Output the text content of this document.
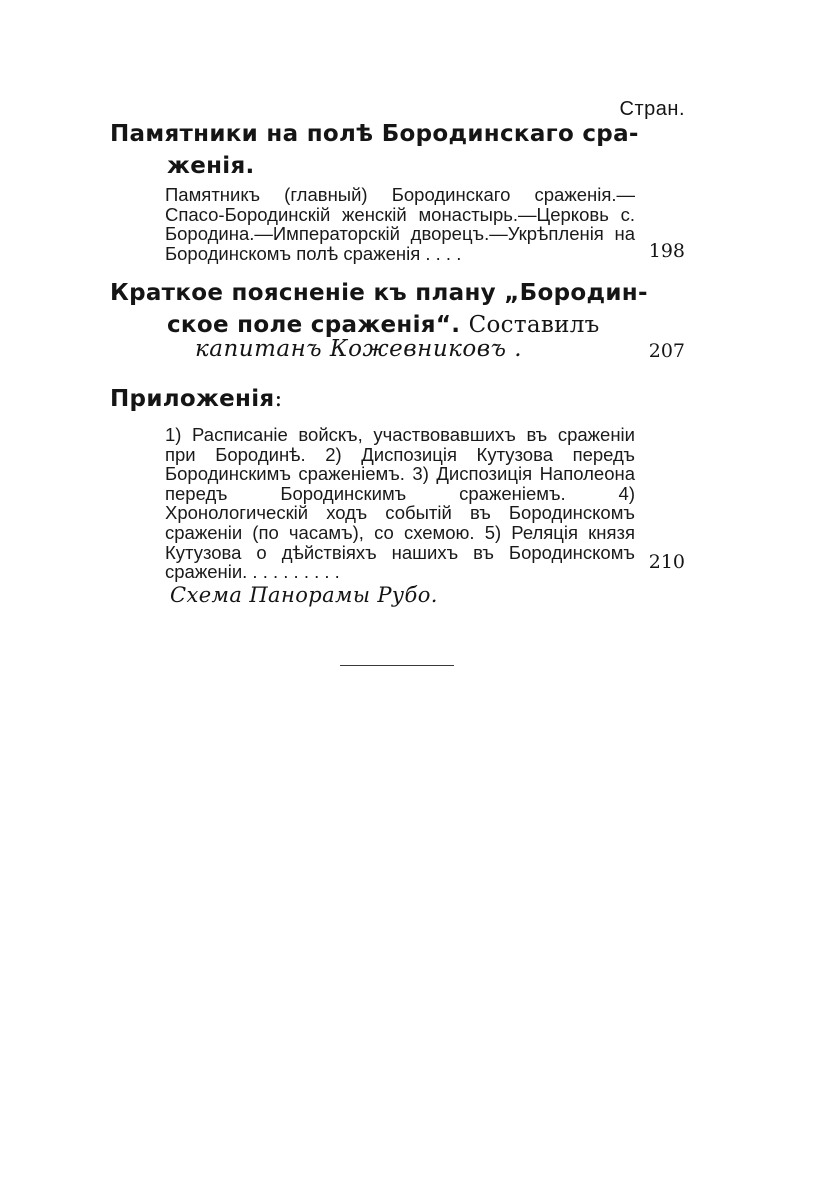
Стран.
Памятники на полѣ Бородинскаго сра-
женія.
Памятникъ (главный) Бородинскаго сраженія.—Спасо-Бородинскій женскій монастырь.—Церковь с. Бородина.—Императорскій дворецъ.—Укрѣпленія на Бородинскомъ полѣ сраженія . . . .	198
Краткое поясненіе къ плану „Бородин-
ское поле сраженія“. Составилъ
капитанъ Кожевниковъ .	207
Приложенія:
1) Расписаніе войскъ, участвовавшихъ въ сраженіи при Бородинѣ. 2) Диспозиція Кутузова передъ Бородинскимъ сраженіемъ. 3) Диспозиція Наполеона передъ Бородинскимъ сраженіемъ. 4) Хронологическій ходъ событій въ Бородинскомъ сраженіи (по часамъ), со схемою. 5) Реляція князя Кутузова о дѣйствіяхъ нашихъ въ Бородинскомъ сраженіи. . . . . . . . . .	210
Схема Панорамы Рубо.
